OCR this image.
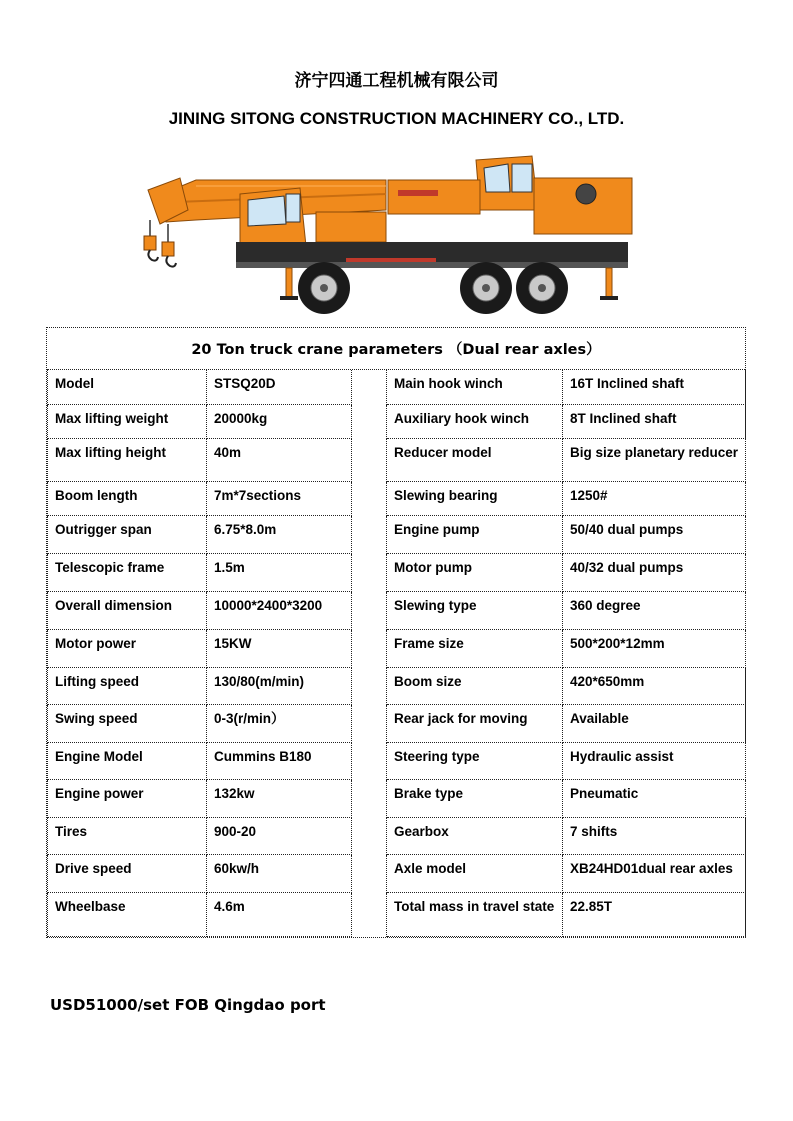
济宁四通工程机械有限公司
JINING SITONG CONSTRUCTION MACHINERY CO., LTD.
20 Ton truck crane parameters （Dual rear axles）
Model	STSQ20D		Main hook winch	16T Inclined shaft
Max lifting weight	20000kg		Auxiliary hook winch	8T Inclined shaft
Max lifting height	40m		Reducer model	Big size planetary reducer
Boom length	7m*7sections		Slewing bearing	1250#
Outrigger span	6.75*8.0m		Engine pump	50/40 dual pumps
Telescopic frame	1.5m		Motor pump	40/32 dual pumps
Overall dimension	10000*2400*3200		Slewing type	360 degree
Motor power	15KW		Frame size	500*200*12mm
Lifting speed	130/80(m/min)		Boom size	420*650mm
Swing speed	0-3(r/min）		Rear jack for moving	Available
Engine Model	Cummins B180		Steering type	Hydraulic assist
Engine power	132kw		Brake type	Pneumatic
Tires	900-20		Gearbox	7 shifts
Drive speed	60kw/h		Axle model	XB24HD01dual rear axles
Wheelbase	4.6m		Total mass in travel state	22.85T
USD51000/set FOB Qingdao port
